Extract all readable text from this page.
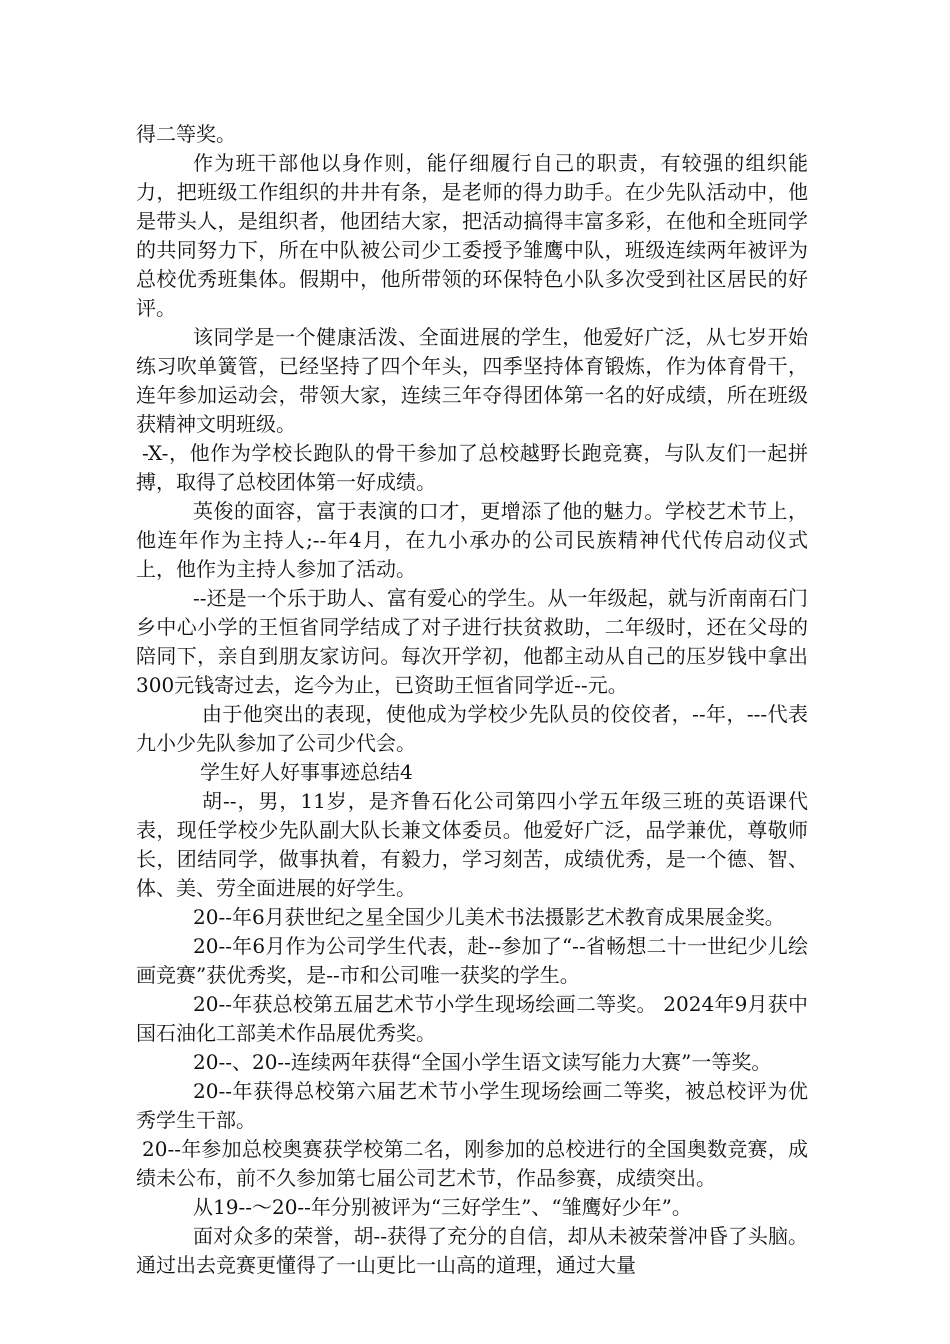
得二等奖。

作为班干部他以身作则，能仔细履行自己的职责，有较强的组织能力，把班级工作组织的井井有条，是老师的得力助手。在少先队活动中，他是带头人，是组织者，他团结大家，把活动搞得丰富多彩，在他和全班同学的共同努力下，所在中队被公司少工委授予雏鹰中队，班级连续两年被评为总校优秀班集体。假期中，他所带领的环保特色小队多次受到社区居民的好评。

该同学是一个健康活泼、全面进展的学生，他爱好广泛，从七岁开始练习吹单簧管，已经坚持了四个年头，四季坚持体育锻炼，作为体育骨干，连年参加运动会，带领大家，连续三年夺得团体第一名的好成绩，所在班级获精神文明班级。

-X-，他作为学校长跑队的骨干参加了总校越野长跑竞赛，与队友们一起拼搏，取得了总校团体第一好成绩。

英俊的面容，富于表演的口才，更增添了他的魅力。学校艺术节上，他连年作为主持人;--年4月，在九小承办的公司民族精神代代传启动仪式上，他作为主持人参加了活动。

--还是一个乐于助人、富有爱心的学生。从一年级起，就与沂南南石门乡中心小学的王恒省同学结成了对子进行扶贫救助，二年级时，还在父母的陪同下，亲自到朋友家访问。每次开学初，他都主动从自己的压岁钱中拿出300元钱寄过去，迄今为止，已资助王恒省同学近--元。

由于他突出的表现，使他成为学校少先队员的佼佼者，--年，---代表九小少先队参加了公司少代会。

学生好人好事事迹总结4

胡--，男，11岁，是齐鲁石化公司第四小学五年级三班的英语课代表，现任学校少先队副大队长兼文体委员。他爱好广泛，品学兼优，尊敬师长，团结同学，做事执着，有毅力，学习刻苦，成绩优秀，是一个德、智、体、美、劳全面进展的好学生。

20--年6月获世纪之星全国少儿美术书法摄影艺术教育成果展金奖。

20--年6月作为公司学生代表，赴--参加了“--省畅想二十一世纪少儿绘画竞赛”获优秀奖，是--市和公司唯一获奖的学生。

20--年获总校第五届艺术节小学生现场绘画二等奖。 2024年9月获中国石油化工部美术作品展优秀奖。

20--、20--连续两年获得“全国小学生语文读写能力大赛”一等奖。

20--年获得总校第六届艺术节小学生现场绘画二等奖，被总校评为优秀学生干部。

20--年参加总校奥赛获学校第二名，刚参加的总校进行的全国奥数竞赛，成绩未公布，前不久参加第七届公司艺术节，作品参赛，成绩突出。

从19--～20--年分别被评为“三好学生”、“雏鹰好少年”。

面对众多的荣誉，胡--获得了充分的自信，却从未被荣誉冲昏了头脑。通过出去竞赛更懂得了一山更比一山高的道理，通过大量
